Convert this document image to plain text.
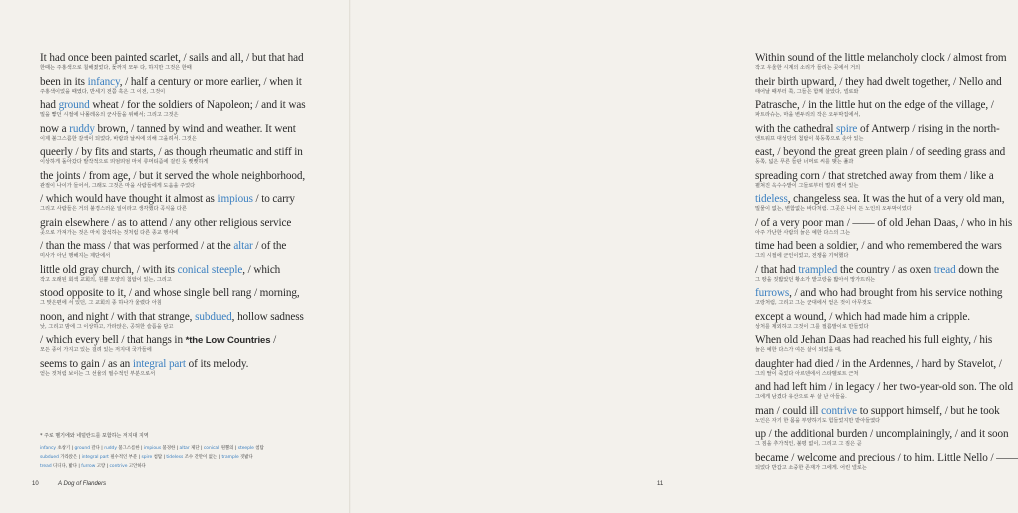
It had once been painted scarlet, / sails and all, / but that had
한때는 주홍색으로 칠해졌었다, 돛까지 모두 다, 하지만 그것은 한때
been in its infancy, / half a century or more earlier, / when it
주홍색이었을 때였다, 반세기 전쯤 혹은 그 이전, 그것이
had ground wheat / for the soldiers of Napoleon; / and it was
밀을 빻던 시절에 나폴레옹의 군사들을 위해서; 그리고 그것은
now a ruddy brown, / tanned by wind and weather. It went
이제 불그스름한 갈색이 되었다, 바람과 날씨에 의해 그을려서. 그것은
queerly / by fits and starts, / as though rheumatic and stiff in
이상하게 돌아갔다 발작적으로 띄엄띄엄 마치 류머티즘에 걸린 듯 뻣뻣하게
the joints / from age, / but it served the whole neighborhood,
관절이 나이가 들어서, 그래도 그것은 마을 사람들에게 도움을 주었다
/ which would have thought it almost as impious / to carry
그리고 사람들은 거의 불경스러운 일이라고 생각했다 곡식을 다른
grain elsewhere / as to attend / any other religious service
곳으로 가져가는 것은 마치 참석하는 것처럼 다른 종교 행사에
/ than the mass / that was performed / at the altar / of the
미사가 아닌 행해지는 제단에서
little old gray church, / with its conical steeple, / which
작고 오래된 회색 교회의, 원뿔 모양의 첨탑이 있는, 그리고
stood opposite to it, / and whose single bell rang / morning,
그 맞은편에 서 있던, 그 교회의 종 하나가 울렸다 아침
noon, and night / with that strange, subdued, hollow sadness
낮, 그리고 밤에 그 이상하고, 가라앉은, 공허한 슬픔을 담고
/ which every bell / that hangs in *the Low Countries /
모든 종이 가지고 있는 걸려 있는 저지대 국가들에
seems to gain / as an integral part of its melody.
얻는 것처럼 보이는 그 선율의 필수적인 부분으로서
* 주로 벨기에와 네덜란드를 포함하는 저지대 지역
infancy 초창기 | ground 갈다 | ruddy 불그스름한 | impious 불경한 | altar 제단 | conical 원뿔의 | steeple 첨탑
subdued 가라앉은 | integral part 필수적인 부분 | spire 첨탑 | tideless 조수 간만이 없는 | trample 짓밟다
tread 디디다, 밟다 | furrow 고랑 | contrive 고안하다
10	A Dog of Flanders
Within sound of the little melancholy clock / almost from
작고 우울한 시계의 소리가 들리는 곳에서 거의
their birth upward, / they had dwelt together, / Nello and
태어날 때부터 쭉, 그들은 함께 살았다, 넬로와
Patrasche, / in the little hut on the edge of the village, /
파트라슈는, 마을 변두리의 작은 오두막집에서,
with the cathedral spire of Antwerp / rising in the north-
앤트워프 대성당의 첨탑이 북동쪽으로 솟아 있는
east, / beyond the great green plain / of seeding grass and
동쪽, 넓은 푸른 들판 너머로 씨를 맺는 풀과
spreading corn / that stretched away from them / like a
펼쳐진 옥수수밭이 그들로부터 멀리 뻗어 있는
tideless, changeless sea. It was the hut of a very old man,
밀물이 없는, 변함없는 바다처럼. 그곳은 나이 든 노인의 오두막이었다
/ of a very poor man / —— of old Jehan Daas, / who in his
아주 가난한 사람의 늙은 예한 다스의 그는
time had been a soldier, / and who remembered the wars
그의 시절에 군인이었고, 전쟁을 기억했다
/ that had trampled the country / as oxen tread down the
그 땅을 짓밟았던 황소가 밭고랑을 밟아서 망가뜨리는
furrows, / and who had brought from his service nothing
고랑처럼, 그리고 그는 군대에서 얻은 것이 아무것도
except a wound, / which had made him a cripple.
상처를 제외하고 그것이 그를 절름발이로 만들었다
When old Jehan Daas had reached his full eighty, / his
늙은 예한 다스가 여든 살이 되었을 때,
daughter had died / in the Ardennes, / hard by Stavelot, /
그의 딸이 죽었다 아르덴에서 스타벨로트 근처
and had left him / in legacy / her two-year-old son. The old
그에게 남겼다 유산으로 두 살 난 아들을.
man / could ill contrive to support himself, / but he took
노인은 자기 한 몸을 부양하기도 힘들었지만 받아들였다
up / the additional burden / uncomplainingly, / and it soon
그 짐을 추가적인, 불평 없이, 그리고 그 짐은 곧
became / welcome and precious / to him. Little Nello / ——
되었다 반갑고 소중한 존재가 그에게. 어린 넬로는
11
